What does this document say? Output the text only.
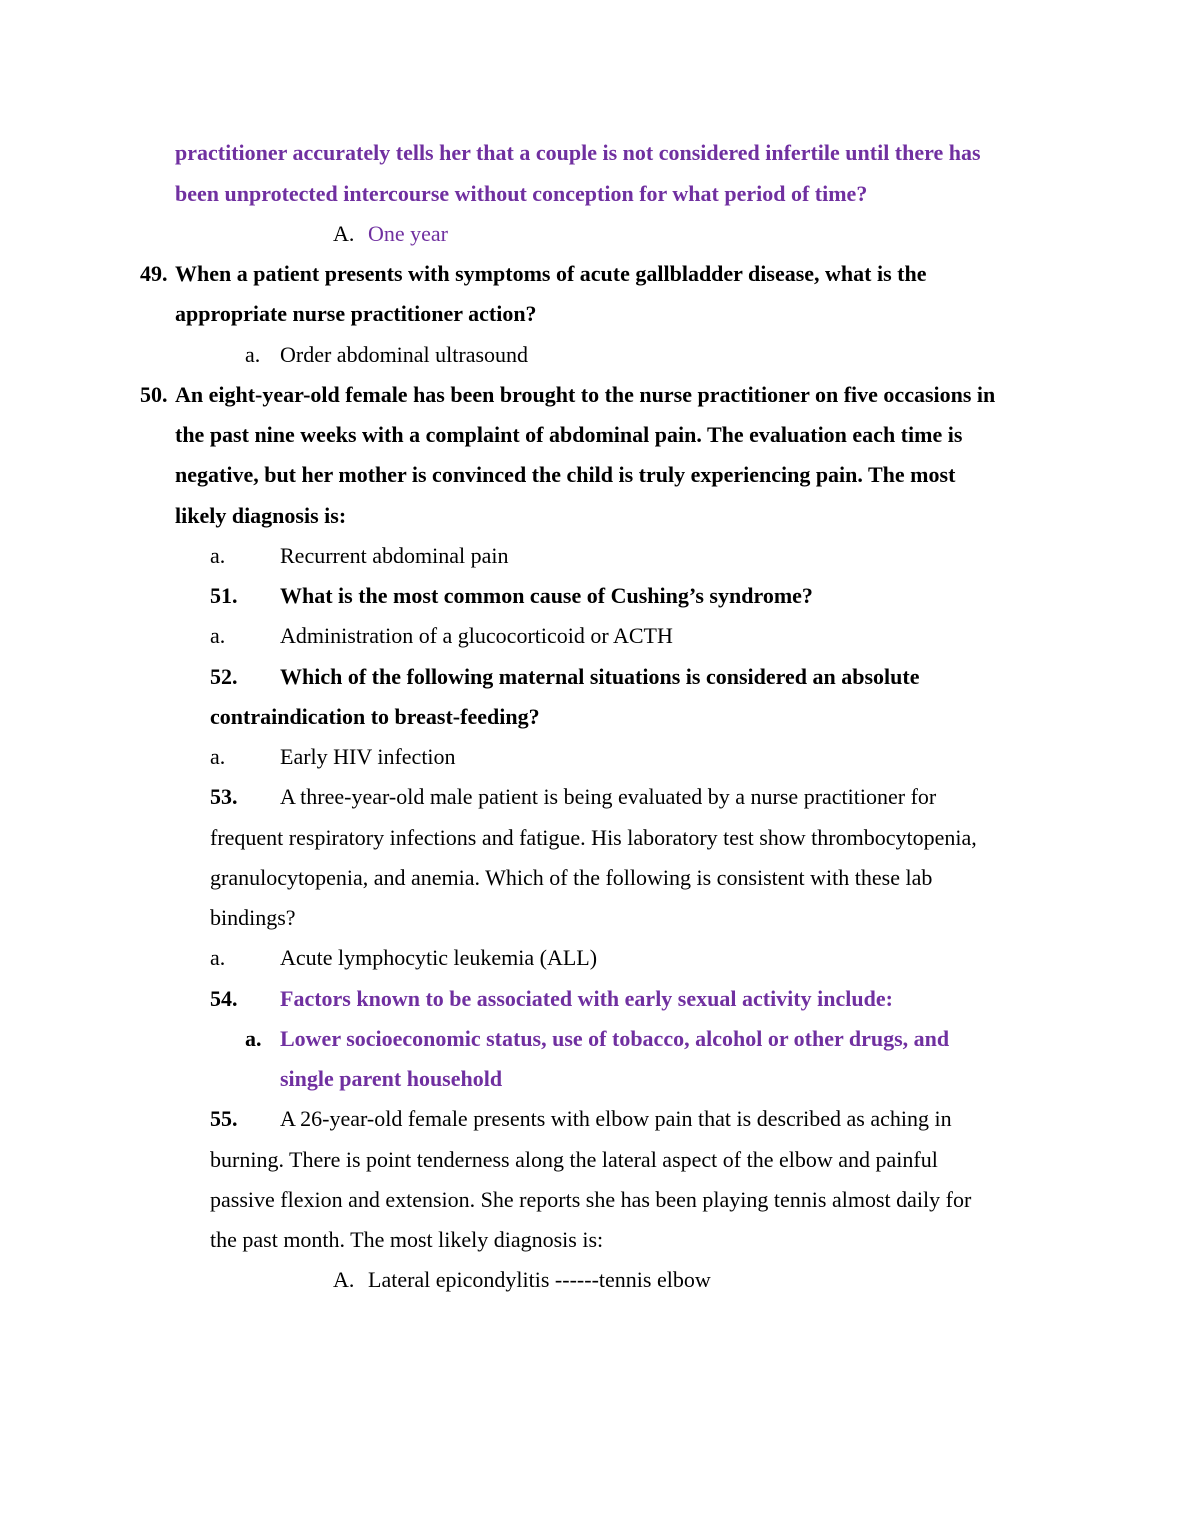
practitioner accurately tells her that a couple is not considered infertile until there has
been unprotected intercourse without conception for what period of time?
A. One year
49. When a patient presents with symptoms of acute gallbladder disease, what is the
appropriate nurse practitioner action?
a. Order abdominal ultrasound
50. An eight-year-old female has been brought to the nurse practitioner on five occasions in
the past nine weeks with a complaint of abdominal pain. The evaluation each time is
negative, but her mother is convinced the child is truly experiencing pain. The most
likely diagnosis is:
a. Recurrent abdominal pain
51. What is the most common cause of Cushing’s syndrome?
a. Administration of a glucocorticoid or ACTH
52. Which of the following maternal situations is considered an absolute
contraindication to breast-feeding?
a. Early HIV infection
53. A three-year-old male patient is being evaluated by a nurse practitioner for
frequent respiratory infections and fatigue. His laboratory test show thrombocytopenia,
granulocytopenia, and anemia. Which of the following is consistent with these lab
bindings?
a. Acute lymphocytic leukemia (ALL)
54. Factors known to be associated with early sexual activity include:
a. Lower socioeconomic status, use of tobacco, alcohol or other drugs, and
single parent household
55. A 26-year-old female presents with elbow pain that is described as aching in
burning. There is point tenderness along the lateral aspect of the elbow and painful
passive flexion and extension. She reports she has been playing tennis almost daily for
the past month. The most likely diagnosis is:
A. Lateral epicondylitis ------tennis elbow
